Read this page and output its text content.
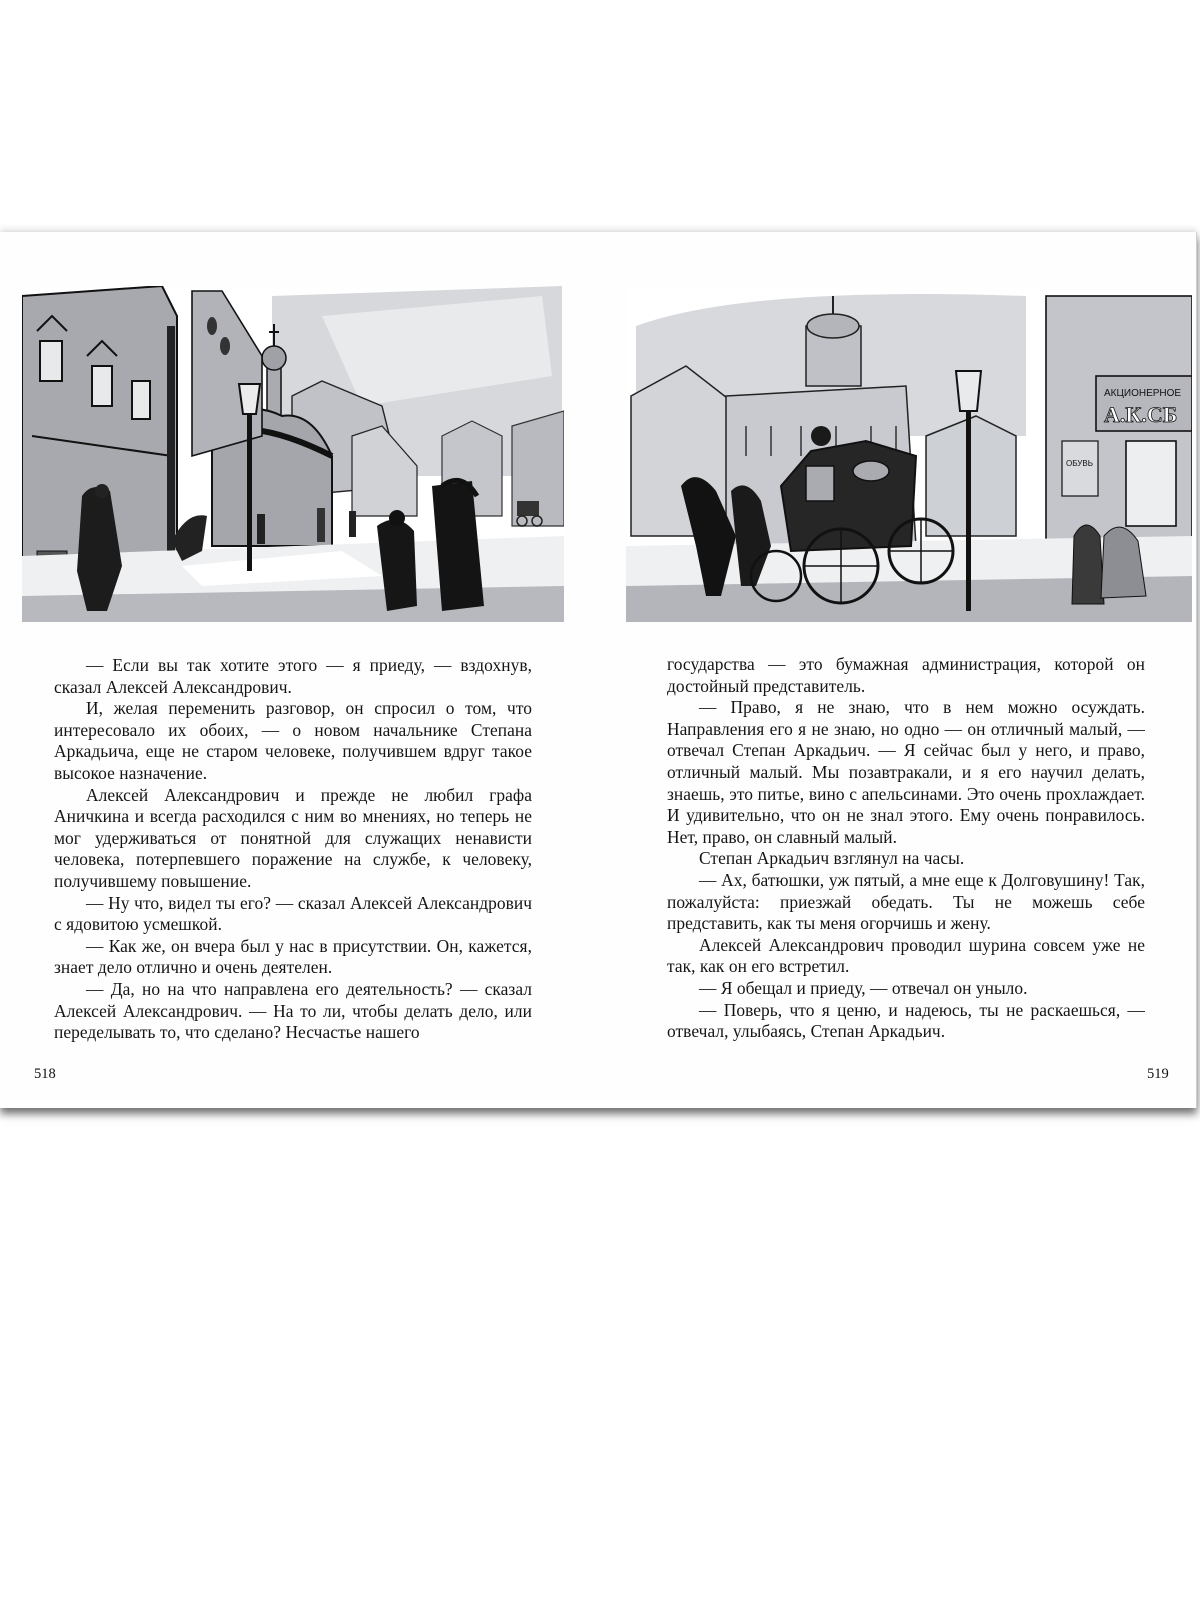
АКЦИОНЕРНОЕ
А.К.СБ
ОБУВЬ

— Если вы так хотите этого — я приеду, — вздохнув, сказал Алексей Александрович.

И, желая переменить разговор, он спросил о том, что интересовало их обоих, — о новом начальнике Степана Аркадьича, еще не старом человеке, получившем вдруг такое высокое назначение.

Алексей Александрович и прежде не любил графа Аничкина и всегда расходился с ним во мнениях, но теперь не мог удерживаться от понятной для служащих ненависти человека, потерпевшего поражение на службе, к человеку, получившему повышение.

— Ну что, видел ты его? — сказал Алексей Александрович с ядовитою усмешкой.

— Как же, он вчера был у нас в присутствии. Он, кажется, знает дело отлично и очень деятелен.

— Да, но на что направлена его деятельность? — сказал Алексей Александрович. — На то ли, чтобы делать дело, или переделывать то, что сделано? Несчастье нашего

518

государства — это бумажная администрация, которой он достойный представитель.

— Право, я не знаю, что в нем можно осуждать. Направления его я не знаю, но одно — он отличный малый, — отвечал Степан Аркадьич. — Я сейчас был у него, и право, отличный малый. Мы позавтракали, и я его научил делать, знаешь, это питье, вино с апельсинами. Это очень прохлаждает. И удивительно, что он не знал этого. Ему очень понравилось. Нет, право, он славный малый.

Степан Аркадьич взглянул на часы.

— Ах, батюшки, уж пятый, а мне еще к Долговушину! Так, пожалуйста: приезжай обедать. Ты не можешь себе представить, как ты меня огорчишь и жену.

Алексей Александрович проводил шурина совсем уже не так, как он его встретил.

— Я обещал и приеду, — отвечал он уныло.

— Поверь, что я ценю, и надеюсь, ты не раскаешься, — отвечал, улыбаясь, Степан Аркадьич.

519
